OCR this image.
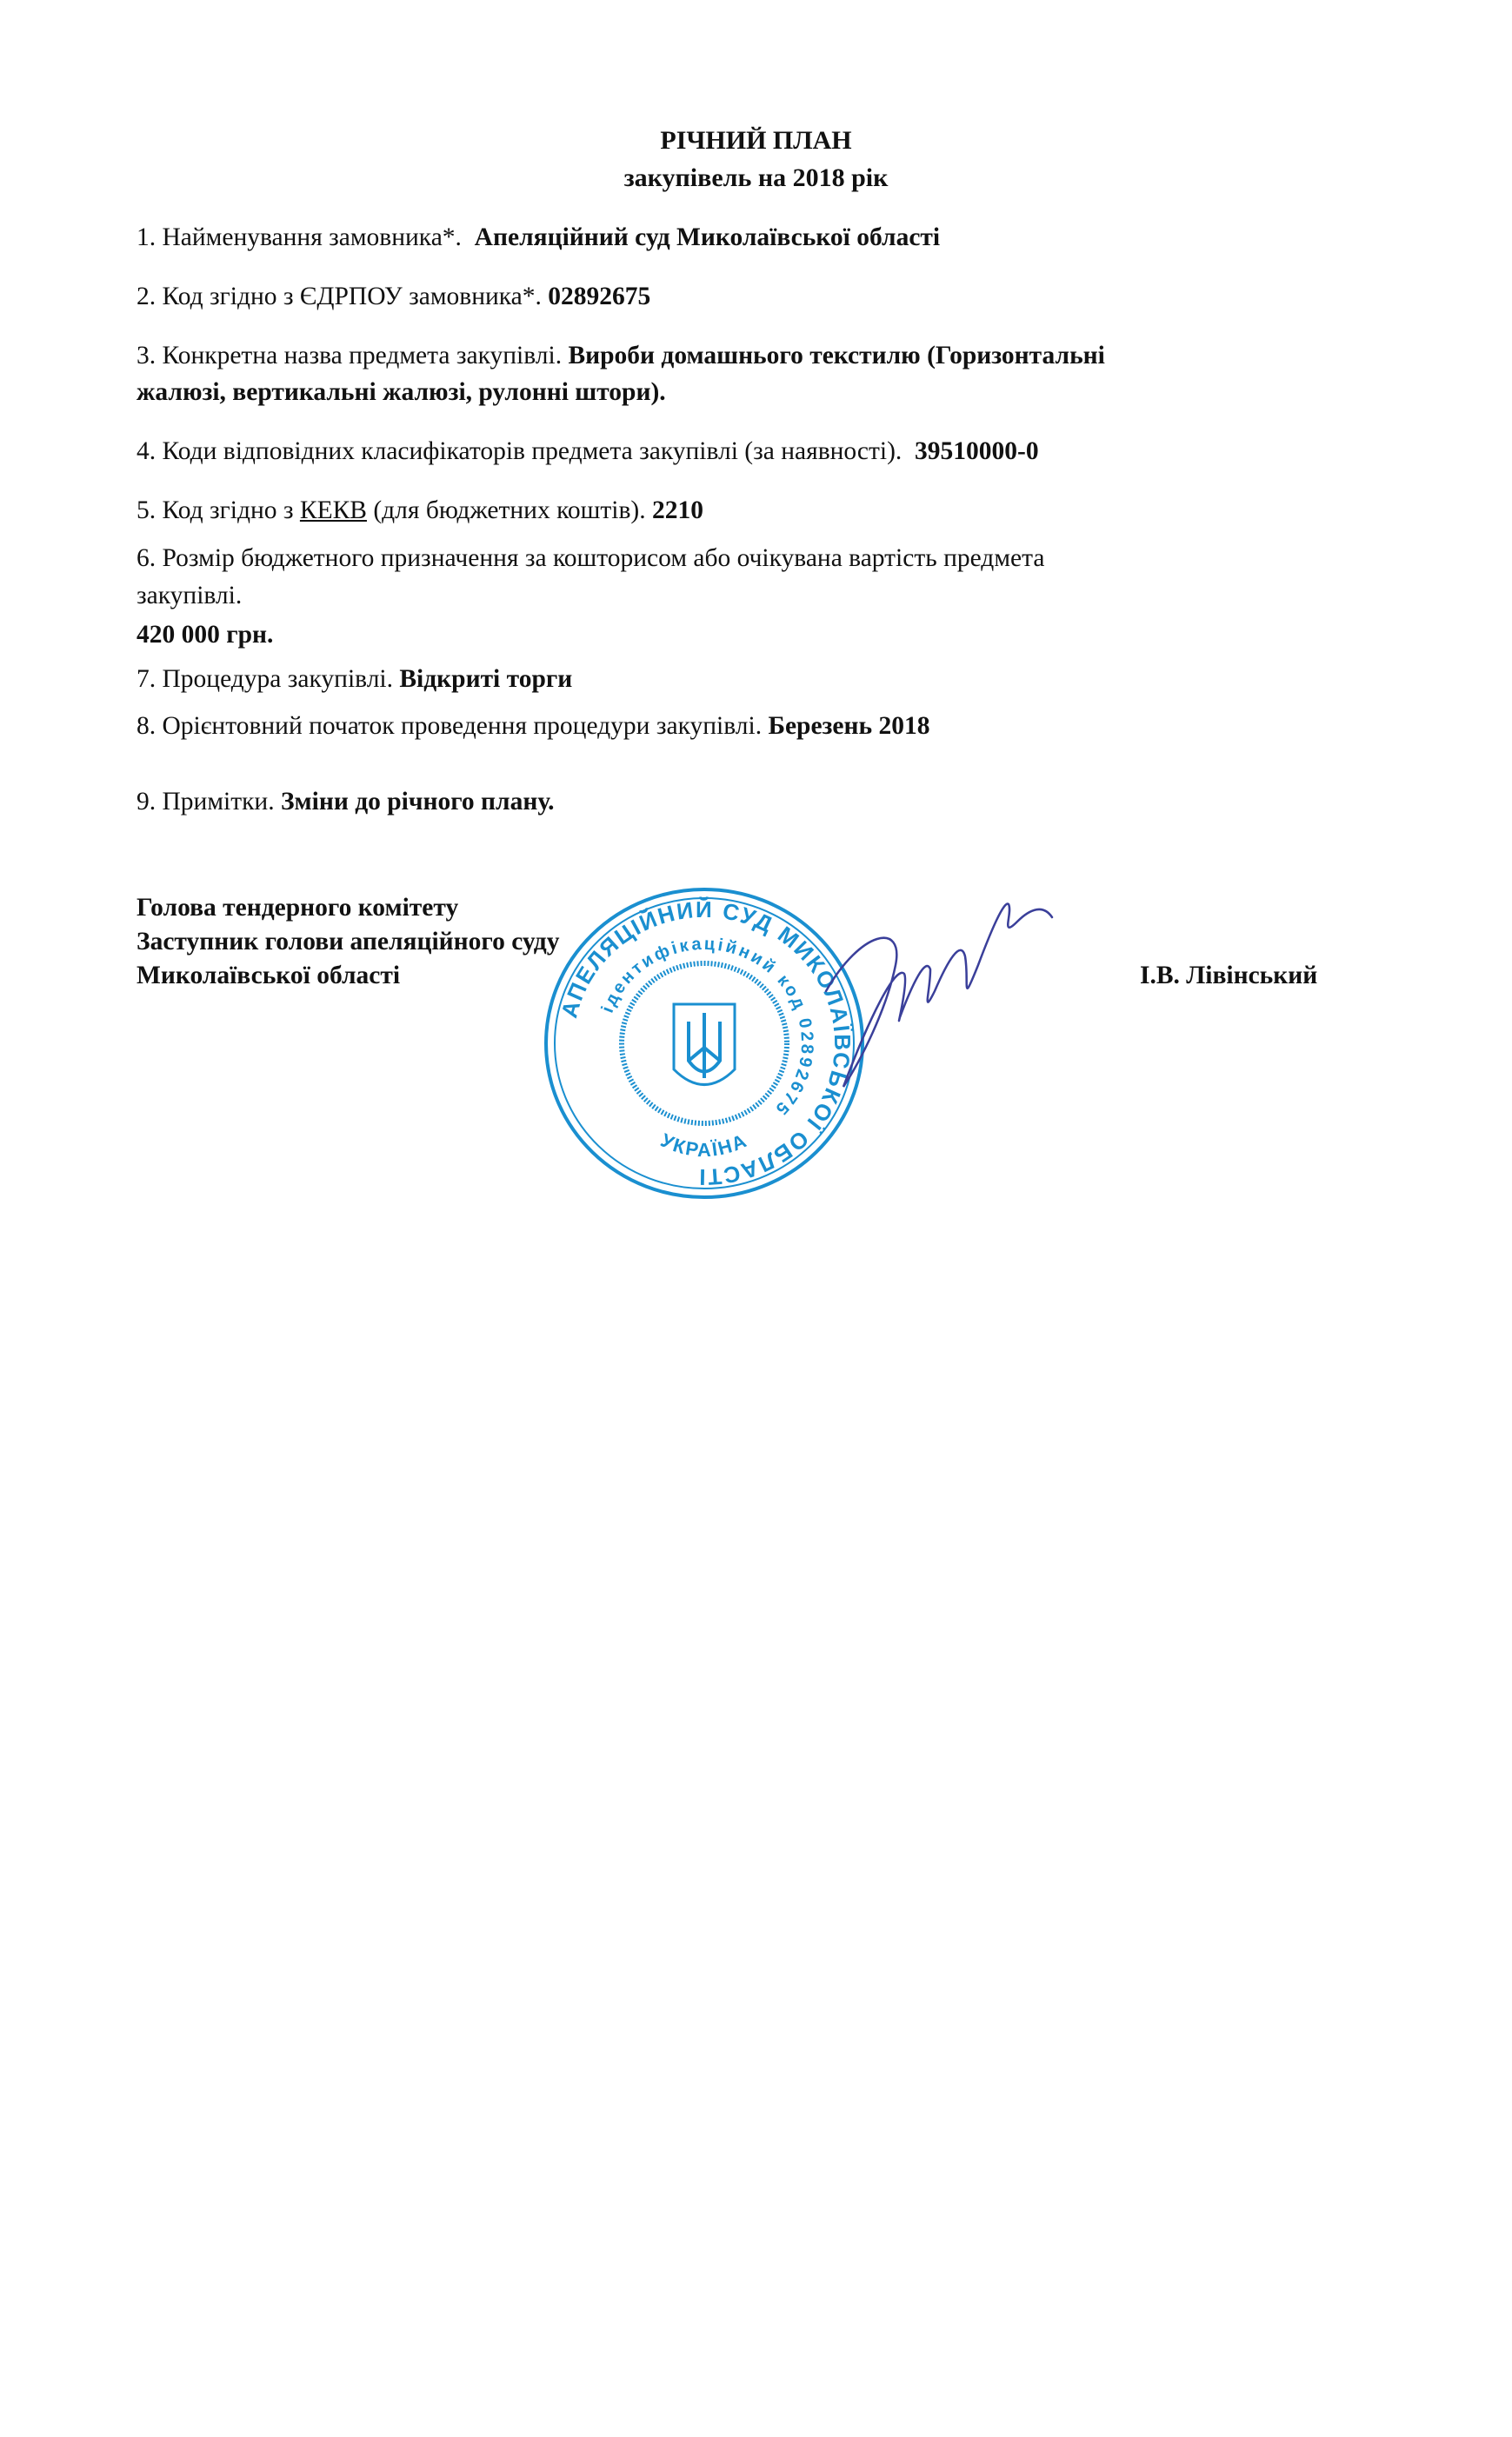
РІЧНИЙ ПЛАН
закупівель на 2018 рік
1. Найменування замовника*. Апеляційний суд Миколаївської області
2. Код згідно з ЄДРПОУ замовника*. 02892675
3. Конкретна назва предмета закупівлі. Вироби домашнього текстилю (Горизонтальні
жалюзі, вертикальні жалюзі, рулонні штори).
4. Коди відповідних класифікаторів предмета закупівлі (за наявності). 39510000-0
5. Код згідно з КЕКВ (для бюджетних коштів). 2210
6. Розмір бюджетного призначення за кошторисом або очікувана вартість предмета
закупівлі.
420 000 грн.
7. Процедура закупівлі. Відкриті торги
8. Орієнтовний початок проведення процедури закупівлі. Березень 2018
9. Примітки. Зміни до річного плану.
Голова тендерного комітету
Заступник голови апеляційного суду
Миколаївської області	І.В. Лівінський
АПЕЛЯЦІЙНИЙ СУД МИКОЛАЇВСЬКОЇ ОБЛАСТІ
ідентифікаційний код 02892675
УКРАЇНА
